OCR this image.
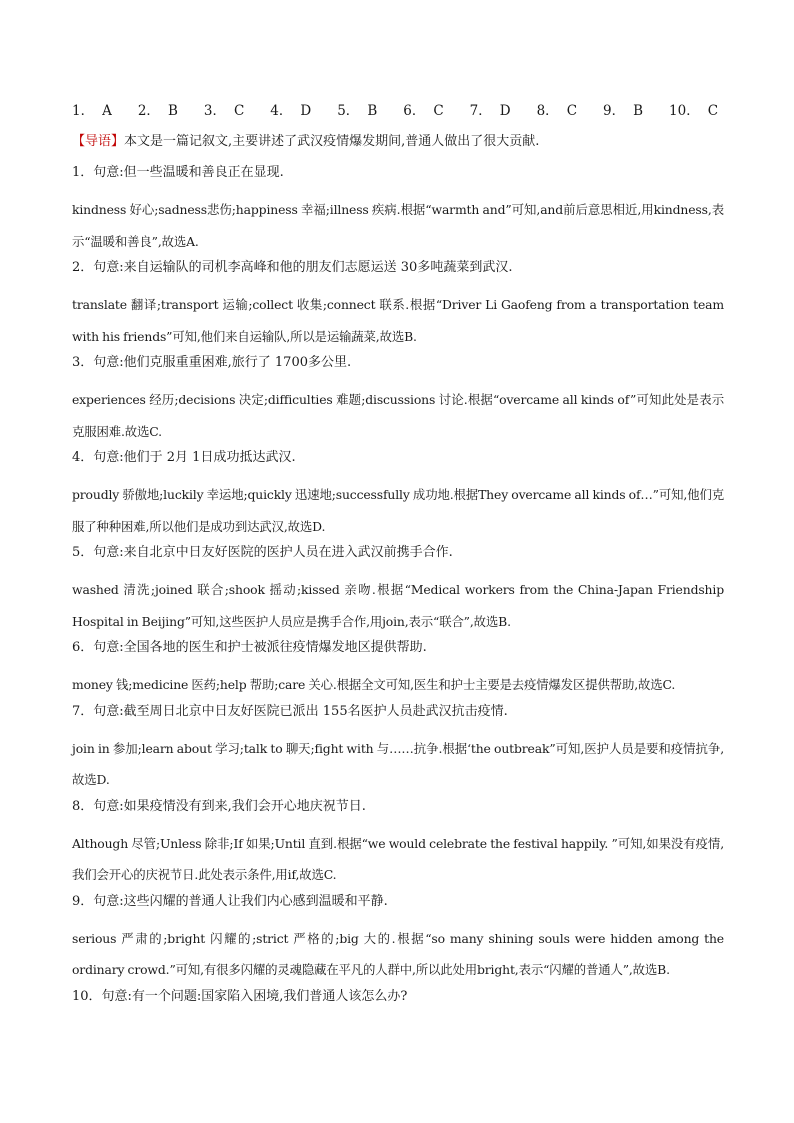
1． A 2． B 3． C 4． D 5． B 6． C 7． D 8． C 9． B 10． C
【导语】本文是一篇记叙文,主要讲述了武汉疫情爆发期间,普通人做出了很大贡献.
1．句意:但一些温暖和善良正在显现.
kindness 好心;sadness悲伤;happiness 幸福;illness 疾病.根据“warmth and”可知,and前后意思相近,用kindness,表示“温暖和善良”,故选A.
2．句意:来自运输队的司机李高峰和他的朋友们志愿运送 30多吨蔬菜到武汉.
translate 翻译;transport 运输;collect 收集;connect 联系.根据“Driver Li Gaofeng from a transportation team with his friends”可知,他们来自运输队,所以是运输蔬菜,故选B.
3．句意:他们克服重重困难,旅行了 1700多公里.
experiences 经历;decisions 决定;difficulties 难题;discussions 讨论.根据“overcame all kinds of”可知此处是表示克服困难.故选C.
4．句意:他们于 2月 1日成功抵达武汉.
proudly 骄傲地;luckily 幸运地;quickly 迅速地;successfully 成功地.根据They overcame all kinds of…”可知,他们克服了种种困难,所以他们是成功到达武汉,故选D.
5．句意:来自北京中日友好医院的医护人员在进入武汉前携手合作.
washed 清洗;joined 联合;shook 摇动;kissed 亲吻.根据“Medical workers from the China-Japan Friendship Hospital in Beijing”可知,这些医护人员应是携手合作,用join,表示“联合”,故选B.
6．句意:全国各地的医生和护士被派往疫情爆发地区提供帮助.
money 钱;medicine 医药;help 帮助;care 关心.根据全文可知,医生和护士主要是去疫情爆发区提供帮助,故选C.
7．句意:截至周日北京中日友好医院已派出 155名医护人员赴武汉抗击疫情.
join in 参加;learn about 学习;talk to 聊天;fight with 与……抗争.根据‘the outbreak”可知,医护人员是要和疫情抗争,故选D.
8．句意:如果疫情没有到来,我们会开心地庆祝节日.
Although 尽管;Unless 除非;If 如果;Until 直到.根据“we would celebrate the festival happily. ”可知,如果没有疫情,我们会开心的庆祝节日.此处表示条件,用if,故选C.
9．句意:这些闪耀的普通人让我们内心感到温暖和平静.
serious 严肃的;bright 闪耀的;strict 严格的;big 大的.根据“so many shining souls were hidden among the ordinary crowd.”可知,有很多闪耀的灵魂隐藏在平凡的人群中,所以此处用bright,表示“闪耀的普通人”,故选B.
10．句意:有一个问题:国家陷入困境,我们普通人该怎么办?
